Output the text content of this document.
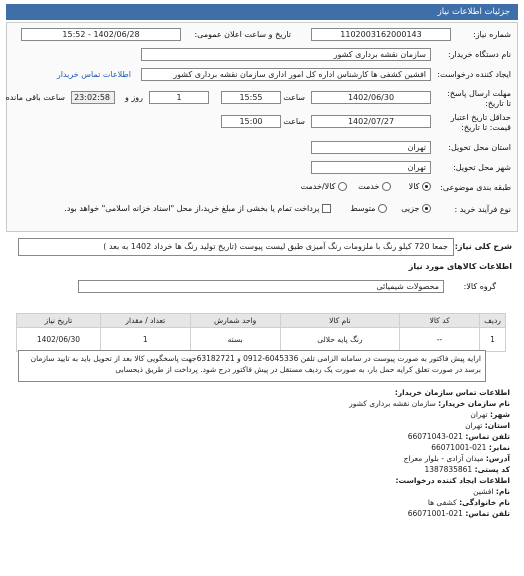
جزئیات اطلاعات نیاز
شماره نیاز:
1102003162000143
تاریخ و ساعت اعلان عمومی:
1402/06/28 - 15:52
نام دستگاه خریدار:
سازمان نقشه برداری کشور
ایجاد کننده درخواست:
افشین کشفی ها کارشناس اداره کل امور اداری سازمان نقشه برداری کشور
اطلاعات تماس خریدار
مهلت ارسال پاسخ: تا تاریخ:
1402/06/30
ساعت
15:55
1
روز و
23:02:58
ساعت باقی مانده
حداقل تاریخ اعتبار قیمت: تا تاریخ:
1402/07/27
ساعت
15:00
استان محل تحویل:
تهران
شهر محل تحویل:
تهران
طبقه بندی موضوعی:
کالا
خدمت
کالا/خدمت
نوع فرآیند خرید :
جزیی
متوسط
پرداخت تمام یا بخشی از مبلغ خرید،از محل "اسناد خزانه اسلامی" خواهد بود.
شرح کلی نیاز:
جمعا 720 کیلو رنگ با ملزومات رنگ آمیزی طبق لیست پیوست (تاریخ تولید رنگ ها خرداد 1402 به بعد )
اطلاعات کالاهای مورد نیاز
گروه کالا:
محصولات شیمیائی
ردیف	کد کالا	نام کالا	واحد شمارش	تعداد / مقدار	تاریخ نیاز
1	--	رنگ پایه حلالی	بسته	1	1402/06/30
ارایه پیش فاکتور به صورت پیوست در سامانه الزامی تلفن 6045336-0912 و 63182721جهت پاسخگویی کالا بعد از تحویل باید به تایید سازمان برسد در صورت تعلق کرایه حمل بار، به صورت یک ردیف مستقل در پیش فاکتور درج شود. پرداخت از طریق ذیحسابی
اطلاعات تماس سازمان خریدار:
نام سازمان خریدار: سازمان نقشه برداری کشور
شهر: تهران
استان: تهران
تلفن تماس: 021-66071043
نمابر: 021-66071001
آدرس: میدان آزادی - بلوار معراج
کد پستی: 1387835861
اطلاعات ایجاد کننده درخواست:
نام: افشین
نام خانوادگی: کشفی ها
تلفن تماس: 021-66071001
